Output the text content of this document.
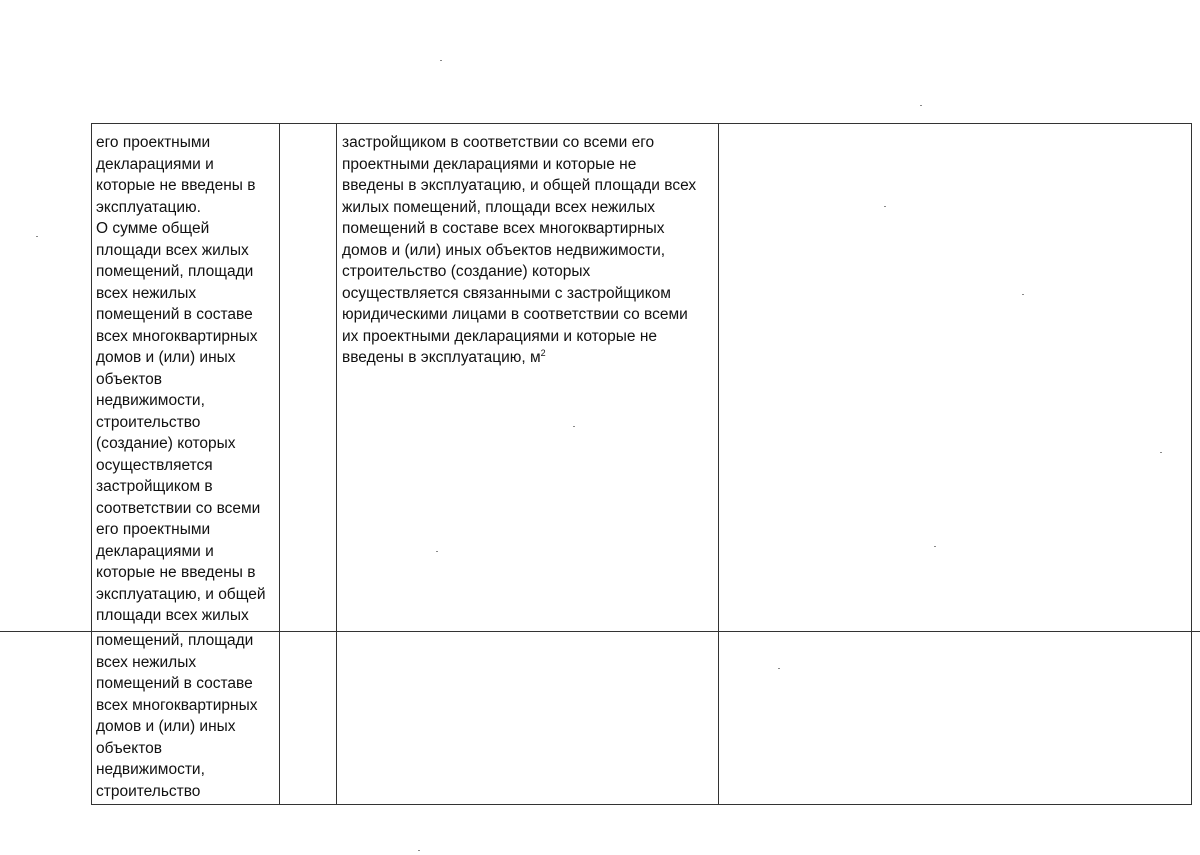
его проектными
декларациями и
которые не введены в
эксплуатацию.
О сумме общей
площади всех жилых
помещений, площади
всех нежилых
помещений в составе
всех многоквартирных
домов и (или) иных
объектов
недвижимости,
строительство
(создание) которых
осуществляется
застройщиком в
соответствии со всеми
его проектными
декларациями и
которые не введены в
эксплуатацию, и общей
площади всех жилых
помещений, площади
всех нежилых
помещений в составе
всех многоквартирных
домов и (или) иных
объектов
недвижимости,
строительство
застройщиком в соответствии со всеми его
проектными декларациями и которые не
введены в эксплуатацию, и общей площади всех
жилых помещений, площади всех нежилых
помещений в составе всех многоквартирных
домов и (или) иных объектов недвижимости,
строительство (создание) которых
осуществляется связанными с застройщиком
юридическими лицами в соответствии со всеми
их проектными декларациями и которые не
введены в эксплуатацию, $м^2$
